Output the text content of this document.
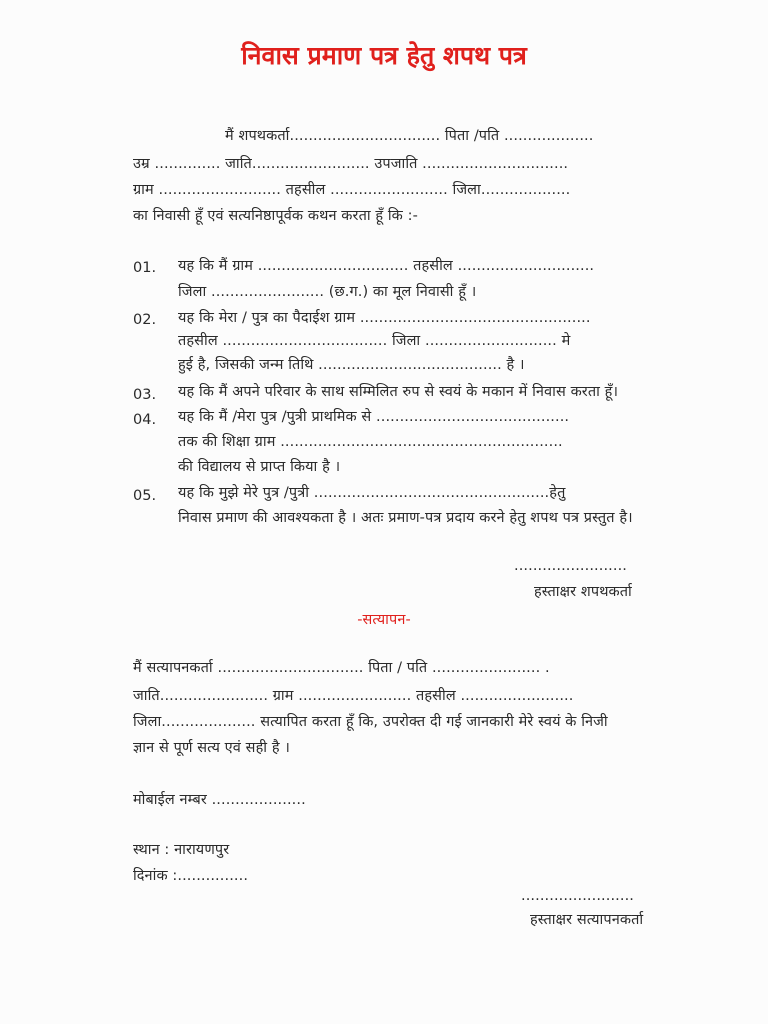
निवास प्रमाण पत्र हेतु शपथ पत्र
मैं शपथकर्ता................................ पिता /पति ...................
उम्र .............. जाति......................... उपजाति ...............................
ग्राम .......................... तहसील ......................... जिला...................
का निवासी हूँ एवं सत्यनिष्ठापूर्वक कथन करता हूँ कि :-
01. यह कि मैं ग्राम ................................ तहसील .............................
जिला ........................ (छ.ग.) का मूल निवासी हूँ ।
02. यह कि मेरा / पुत्र का पैदाईश ग्राम .................................................
तहसील ................................... जिला ............................ मे
हुई है, जिसकी जन्म तिथि ....................................... है ।
03. यह कि मैं अपने परिवार के साथ सम्मिलित रुप से स्वयं के मकान में निवास करता हूँ।
04. यह कि मैं /मेरा पुत्र /पुत्री प्राथमिक से .........................................
तक की शिक्षा ग्राम ............................................................
की विद्यालय से प्राप्त किया है ।
05. यह कि मुझे मेरे पुत्र /पुत्री ..................................................हेतु
निवास प्रमाण की आवश्यकता है । अतः प्रमाण-पत्र प्रदाय करने हेतु शपथ पत्र प्रस्तुत है।
........................
हस्ताक्षर शपथकर्ता
-सत्यापन-
मैं सत्यापनकर्ता ............................... पिता / पति ....................... .
जाति....................... ग्राम ........................ तहसील ........................
जिला.................... सत्यापित करता हूँ कि, उपरोक्त दी गई जानकारी मेरे स्वयं के निजी
ज्ञान से पूर्ण सत्य एवं सही है ।
मोबाईल नम्बर ....................
स्थान : नारायणपुर
दिनांक :...............
........................
हस्ताक्षर सत्यापनकर्ता
